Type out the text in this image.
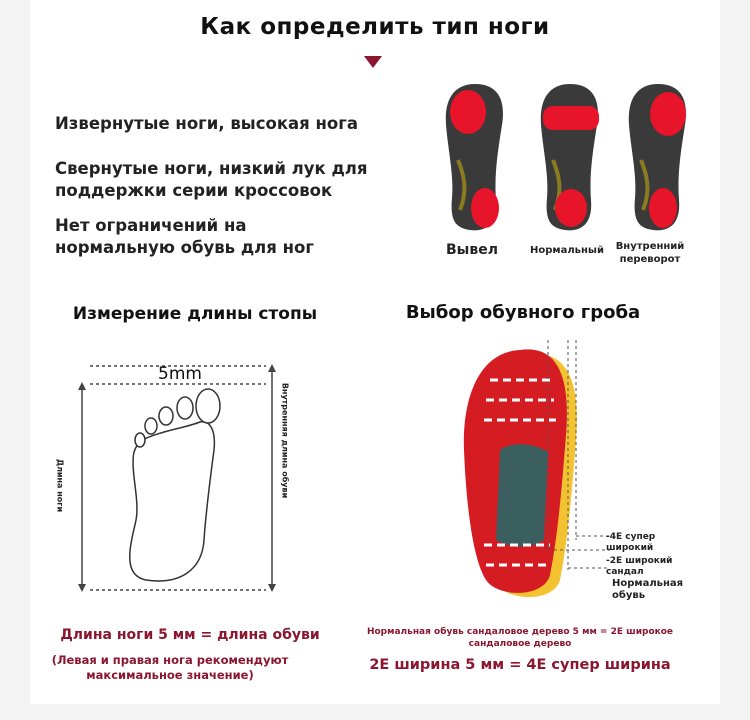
Как определить тип ноги
Извернутые ноги, высокая нога
Свернутые ноги, низкий лук для поддержки серии кроссовок
Нет ограничений на нормальную обувь для ног	Вывел	Нормальный	Внутренний переворот
Измерение длины стопы
5mm
Длина ноги	Внутренняя длина обуви
Длина ноги 5 мм = длина обуви
(Левая и правая нога рекомендуют максимальное значение)
Выбор обувного гроба
-4E супер широкий
-2E широкий сандал
Нормальная обувь
Нормальная обувь сандаловое дерево 5 мм = 2E широкое сандаловое дерево
2E ширина 5 мм = 4E супер ширина
